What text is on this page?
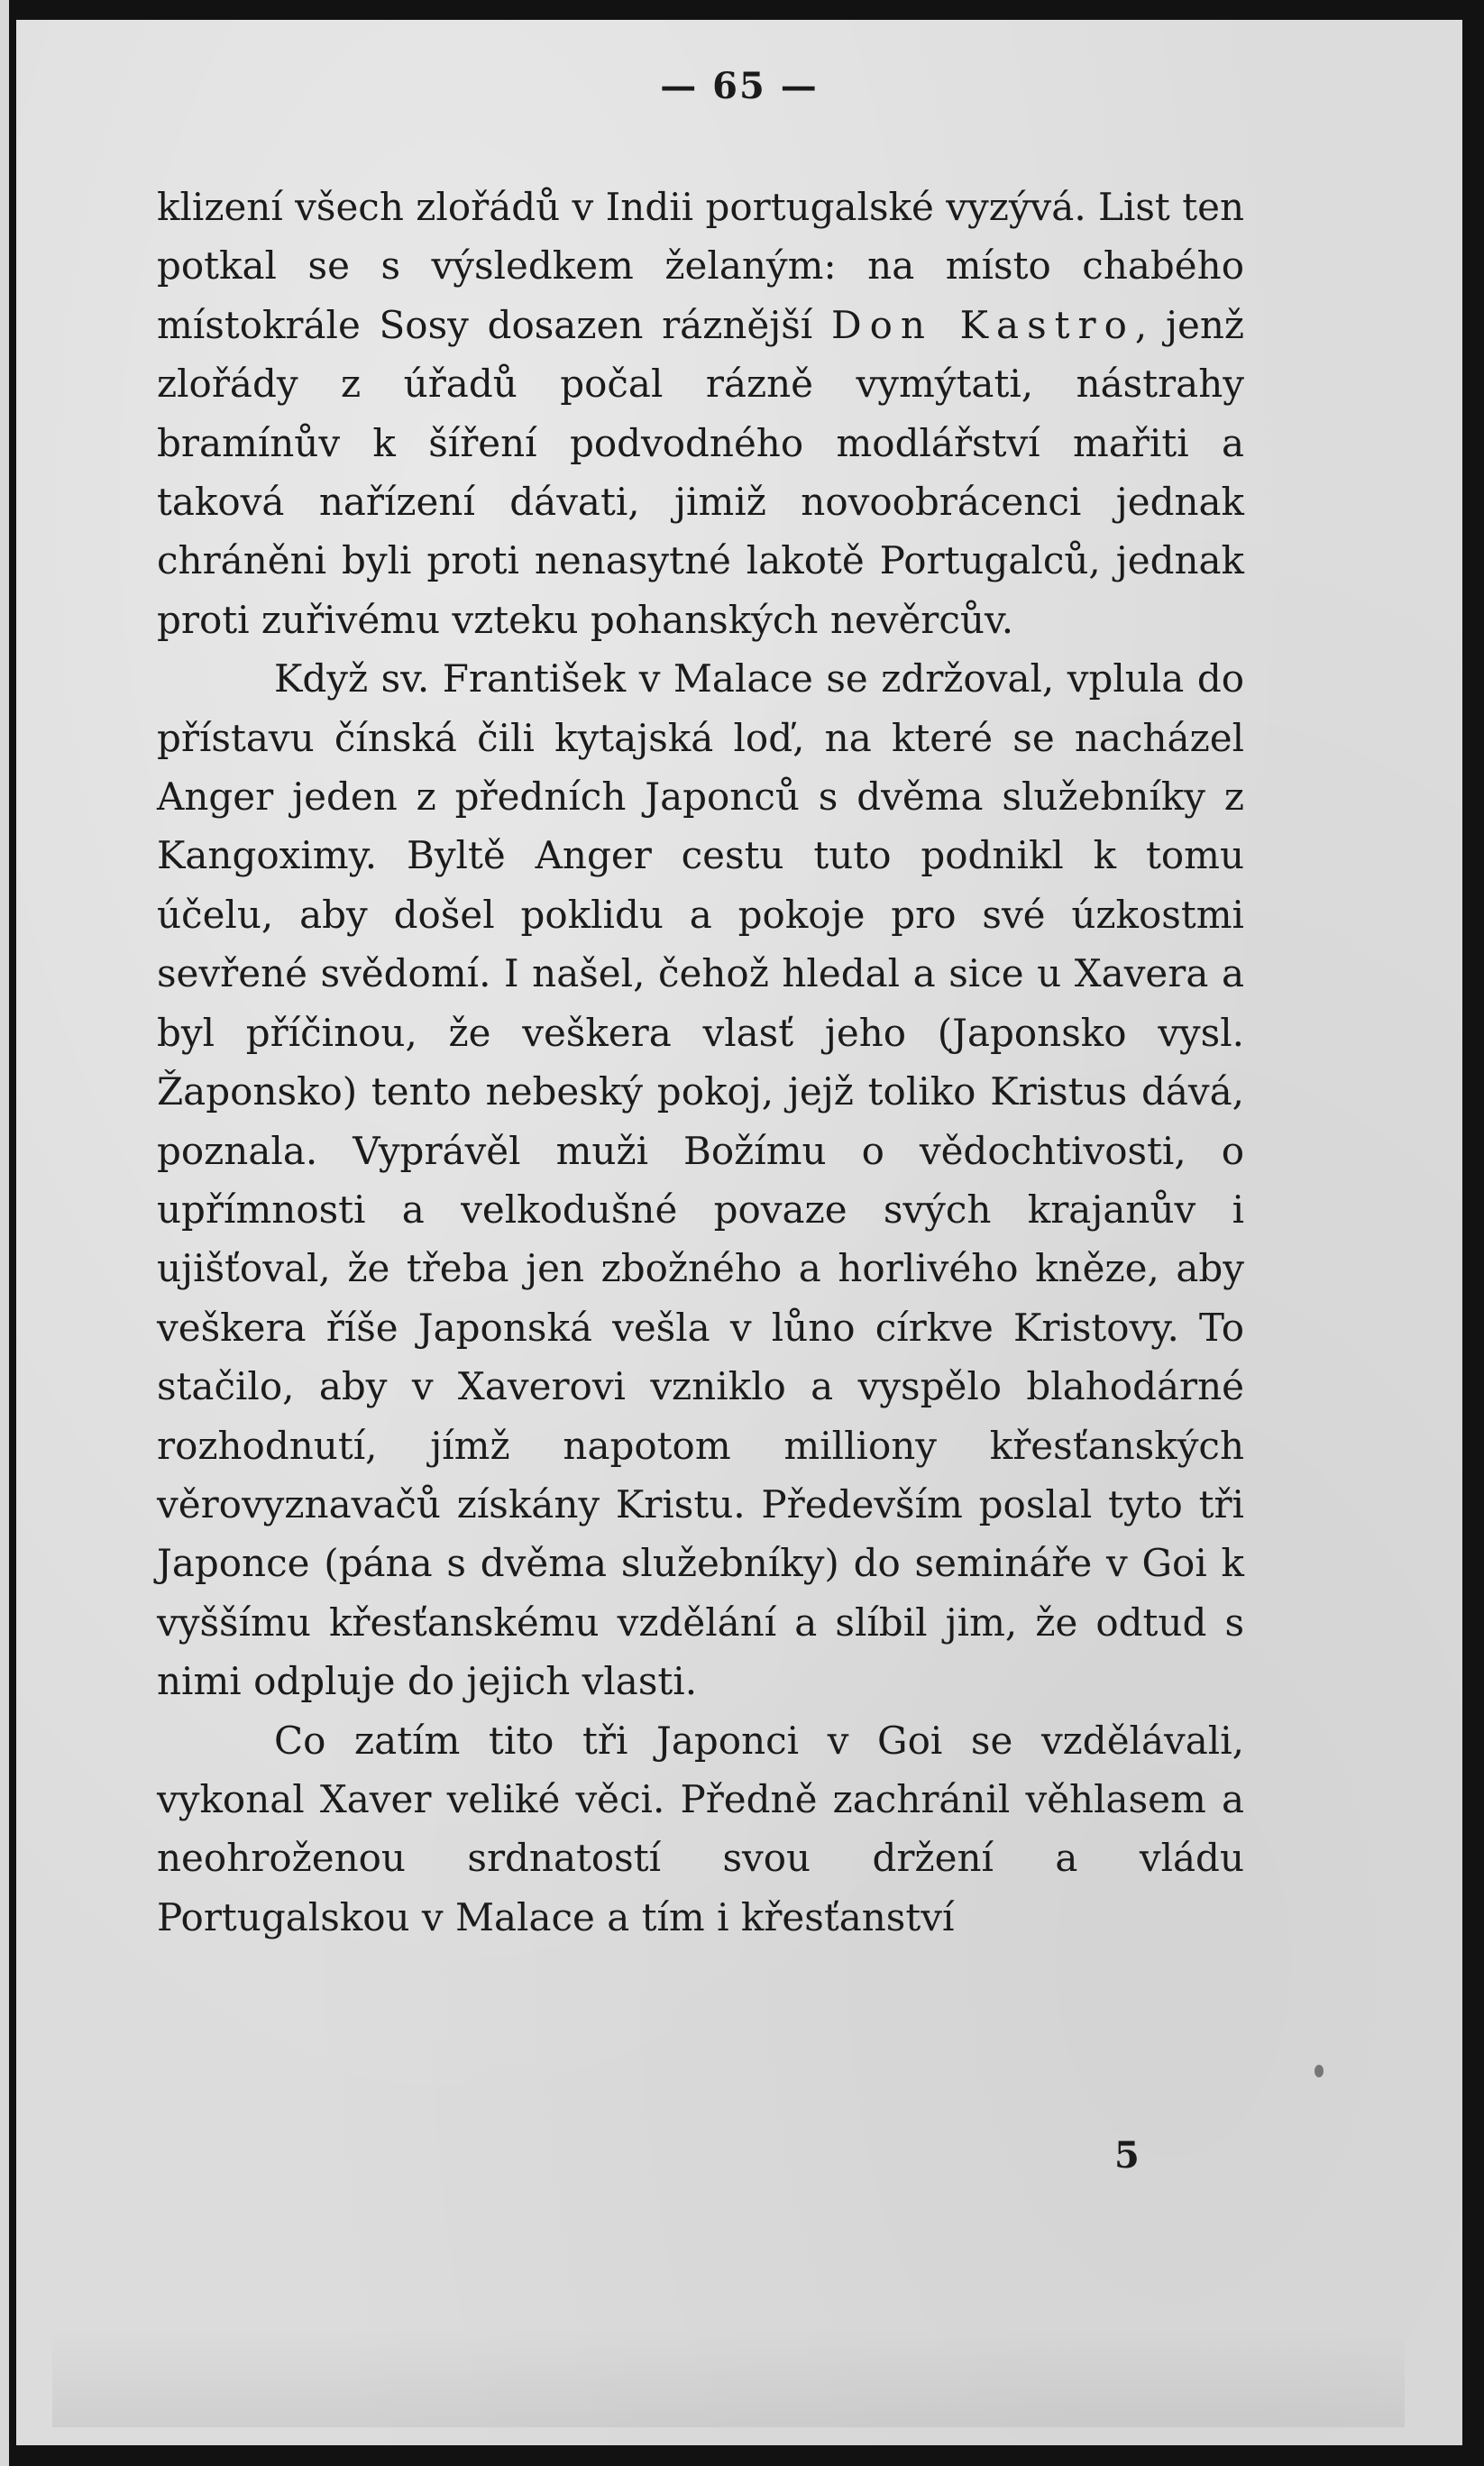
— 65 —

klizení všech zlořádů v Indii portugalské vyzývá. List ten potkal se s výsledkem želaným: na místo chabého místokrále Sosy dosazen ráznější Don Kastro, jenž zlořády z úřadů počal rázně vymýtati, nástrahy bramínův k šíření podvodného modlářství mařiti a taková nařízení dávati, jimiž novoobrácenci jednak chráněni byli proti nenasytné lakotě Portugalců, jednak proti zuřivému vzteku pohanských nevěrcův.

Když sv. František v Malace se zdržoval, vplula do přístavu čínská čili kytajská loď, na které se nacházel Anger jeden z předních Japonců s dvěma služebníky z Kangoximy. Byltě Anger cestu tuto podnikl k tomu účelu, aby došel poklidu a pokoje pro své úzkostmi sevřené svědomí. I našel, čehož hledal a sice u Xavera a byl příčinou, že veškera vlasť jeho (Japonsko vysl. Žaponsko) tento nebeský pokoj, jejž toliko Kristus dává, poznala. Vyprávěl muži Božímu o vědochtivosti, o upřímnosti a velkodušné povaze svých krajanův i ujišťoval, že třeba jen zbožného a horlivého kněze, aby veškera říše Japonská vešla v lůno církve Kristovy. To stačilo, aby v Xaverovi vzniklo a vyspělo blahodárné rozhodnutí, jímž napotom milliony křesťanských věrovyznavačů získány Kristu. Především poslal tyto tři Japonce (pána s dvěma služebníky) do semináře v Goi k vyššímu křesťanskému vzdělání a slíbil jim, že odtud s nimi odpluje do jejich vlasti.

Co zatím tito tři Japonci v Goi se vzdělávali, vykonal Xaver veliké věci. Předně zachránil věhlasem a neohroženou srdnatostí svou držení a vládu Portugalskou v Malace a tím i křesťanství

5
